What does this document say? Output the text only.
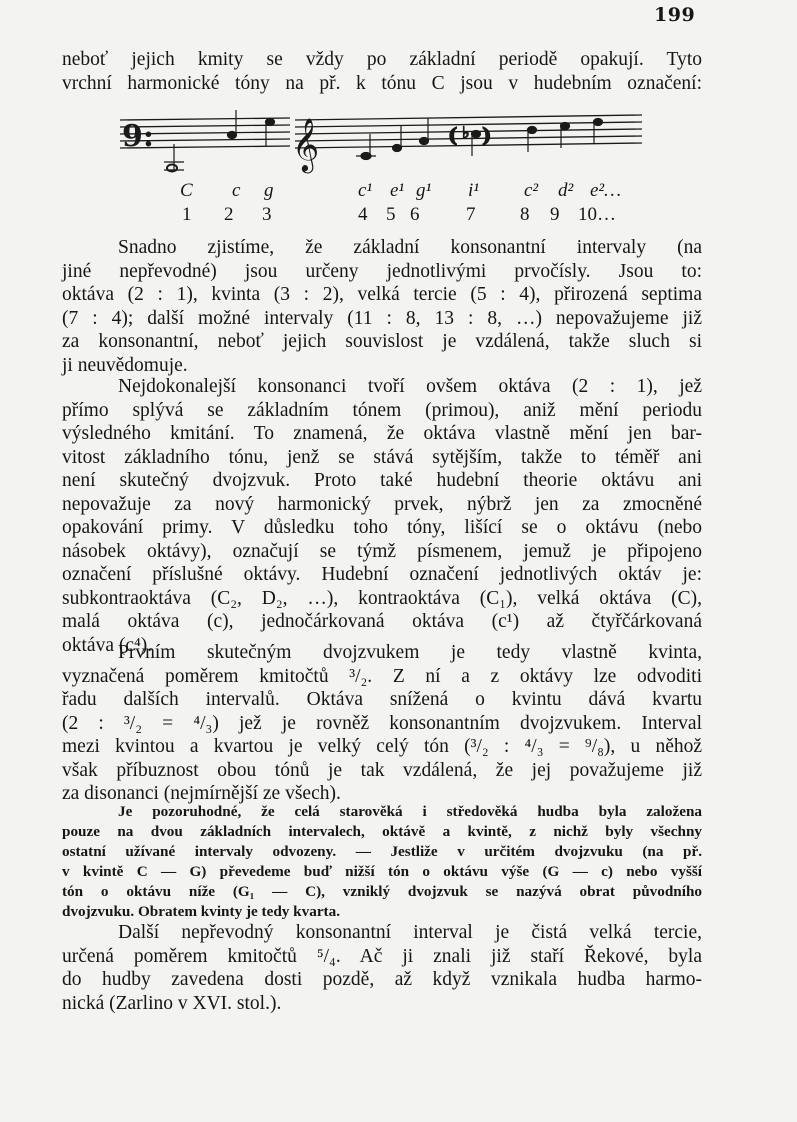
199
neboť jejich kmity se vždy po základní periodě opakují. Tyto
vrchní harmonické tóny na př. k tónu C jsou v hudebním označení:
9:	𝄞	( ♭ )
C c g	c¹ e¹ g¹ i¹ c² d² e²…
1 2 3	4 5 6 7 8 9 10…
Snadno zjistíme, že základní konsonantní intervaly (na
jiné nepřevodné) jsou určeny jednotlivými prvočísly. Jsou to:
oktáva (2 : 1), kvinta (3 : 2), velká tercie (5 : 4), přirozená septima
(7 : 4); další možné intervaly (11 : 8, 13 : 8, …) nepovažujeme již
za konsonantní, neboť jejich souvislost je vzdálená, takže sluch si
ji neuvědomuje.
Nejdokonalejší konsonanci tvoří ovšem oktáva (2 : 1), jež
přímo splývá se základním tónem (primou), aniž mění periodu
výsledného kmitání. To znamená, že oktáva vlastně mění jen bar-
vitost základního tónu, jenž se stává sytějším, takže to téměř ani
není skutečný dvojzvuk. Proto také hudební theorie oktávu ani
nepovažuje za nový harmonický prvek, nýbrž jen za zmocněné
opakování primy. V důsledku toho tóny, lišící se o oktávu (nebo
násobek oktávy), označují se týmž písmenem, jemuž je připojeno
označení příslušné oktávy. Hudební označení jednotlivých oktáv je:
subkontraoktáva (C₂, D₂, …), kontraoktáva (C₁), velká oktáva (C),
malá oktáva (c), jednočárkovaná oktáva (c¹) až čtyřčárkovaná
oktáva (c⁴).
Prvním skutečným dvojzvukem je tedy vlastně kvinta,
vyznačená poměrem kmitočtů ³/₂. Z ní a z oktávy lze odvoditi
řadu dalších intervalů. Oktáva snížená o kvintu dává kvartu
(2 : ³/₂ = ⁴/₃) jež je rovněž konsonantním dvojzvukem. Interval
mezi kvintou a kvartou je velký celý tón (³/₂ : ⁴/₃ = ⁹/₈), u něhož
však příbuznost obou tónů je tak vzdálená, že jej považujeme již
za disonanci (nejmírnější ze všech).
Je pozoruhodné, že celá starověká i středověká hudba byla založena
pouze na dvou základních intervalech, oktávě a kvintě, z nichž byly všechny
ostatní užívané intervaly odvozeny. — Jestliže v určitém dvojzvuku (na př.
v kvintě C — G) převedeme buď nižší tón o oktávu výše (G — c) nebo vyšší
tón o oktávu níže (G₁ — C), vzniklý dvojzvuk se nazývá obrat původního
dvojzvuku. Obratem kvinty je tedy kvarta.
Další nepřevodný konsonantní interval je čistá velká tercie,
určená poměrem kmitočtů ⁵/₄. Ač ji znali již staří Řekové, byla
do hudby zavedena dosti pozdě, až když vznikala hudba harmo-
nická (Zarlino v XVI. stol.).
